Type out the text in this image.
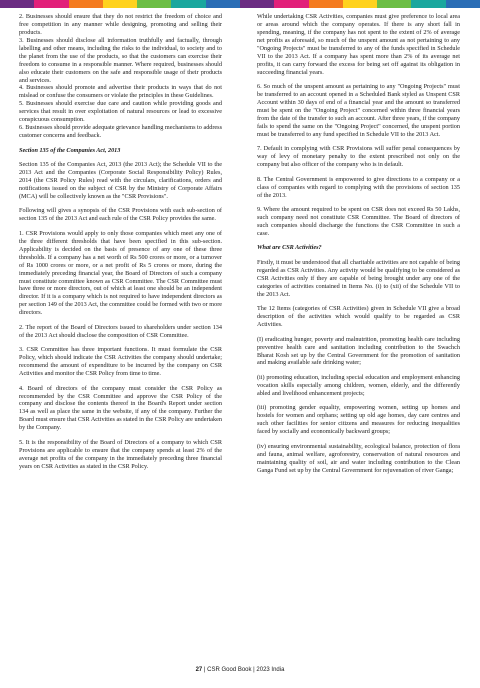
2. Businesses should ensure that they do not restrict the freedom of choice and free competition in any manner while designing, promoting and selling their products.

3. Businesses should disclose all information truthfully and factually, through labelling and other means, including the risks to the individual, to society and to the planet from the use of the products, so that the customers can exercise their freedom to consume in a responsible manner. Where required, businesses should also educate their customers on the safe and responsible usage of their products and services.

4. Businesses should promote and advertise their products in ways that do not mislead or confuse the consumers or violate the principles in these Guidelines.

5. Businesses should exercise due care and caution while providing goods and services that result in over exploitation of natural resources or lead to excessive conspicuous consumption.

6. Businesses should provide adequate grievance handling mechanisms to address customer concerns and feedback.

Section 135 of the Companies Act, 2013

Section 135 of the Companies Act, 2013 (the 2013 Act); the Schedule VII to the 2013 Act and the Companies (Corporate Social Responsibility Policy) Rules, 2014 (the CSR Policy Rules) read with the circulars, clarifications, orders and notifications issued on the subject of CSR by the Ministry of Corporate Affairs (MCA) will be collectively known as the "CSR Provisions".

Following will gives a synopsis of the CSR Provisions with each sub-section of section 135 of the 2013 Act and each rule of the CSR Policy provides the same.

1. CSR Provisions would apply to only those companies which meet any one of the three different thresholds that have been specified in this sub-section. Applicability is decided on the basis of presence of any one of these three thresholds. If a company has a net worth of Rs 500 crores or more, or a turnover of Rs 1000 crores or more, or a net profit of Rs 5 crores or more, during the immediately preceding financial year, the Board of Directors of such a company must constitute committee known as CSR Committee. The CSR Committee must have three or more directors, out of which at least one should be an independent director. If it is a company which is not required to have independent directors as per section 149 of the 2013 Act, the committee could be formed with two or more directors.

2. The report of the Board of Directors issued to shareholders under section 134 of the 2013 Act should disclose the composition of CSR Committee.

3. CSR Committee has three important functions. It must formulate the CSR Policy, which should indicate the CSR Activities the company should undertake; recommend the amount of expenditure to be incurred by the company on CSR Activities and monitor the CSR Policy from time to time.

4. Board of directors of the company must consider the CSR Policy as recommended by the CSR Committee and approve the CSR Policy of the company and disclose the contents thereof in the Board's Report under section 134 as well as place the same in the website, if any of the company. Further the Board must ensure that CSR Activities as stated in the CSR Policy are undertaken by the Company.

5. It is the responsibility of the Board of Directors of a company to which CSR Provisions are applicable to ensure that the company spends at least 2% of the average net profits of the company in the immediately preceding three financial years on CSR Activities as stated in the CSR Policy.

While undertaking CSR Activities, companies must give preference to local area or areas around which the company operates. If there is any short fall in spending, meaning, if the company has not spent to the extent of 2% of average net profits as aforesaid, so much of the unspent amount as not pertaining to any "Ongoing Projects" must be transferred to any of the funds specified in Schedule VII to the 2013 Act. If a company has spent more than 2% of its average net profits, it can carry forward the excess for being set off against its obligation in succeeding financial years.

6. So much of the unspent amount as pertaining to any "Ongoing Projects" must be transferred to an account opened in a Scheduled Bank styled as Unspent CSR Account within 30 days of end of a financial year and the amount so transferred must be spent on the "Ongoing Project" concerned within three financial years from the date of the transfer to such an account. After three years, if the company fails to spend the same on the "Ongoing Project" concerned, the unspent portion must be transferred to any fund specified in Schedule VII to the 2013 Act.

7. Default in complying with CSR Provisions will suffer penal consequences by way of levy of monetary penalty to the extent prescribed not only on the company but also officer of the company who is in default.

8. The Central Government is empowered to give directions to a company or a class of companies with regard to complying with the provisions of section 135 of the 2013.

9. Where the amount required to be spent on CSR does not exceed Rs 50 Lakhs, such company need not constitute CSR Committee. The Board of directors of such companies should discharge the functions the CSR Committee in such a case.

What are CSR Activities?

Firstly, it must be understood that all charitable activities are not capable of being regarded as CSR Activities. Any activity would be qualifying to be considered as CSR Activities only if they are capable of being brought under any one of the categories of activities contained in Items No. (i) to (xii) of the Schedule VII to the 2013 Act.

The 12 Items (categories of CSR Activities) given in Schedule VII give a broad description of the activities which would qualify to be regarded as CSR Activities.

(I) eradicating hunger, poverty and malnutrition, promoting health care including preventive health care and sanitation including contribution to the Swachch Bharat Kosh set up by the Central Government for the promotion of sanitation and making available safe drinking water;

(ii) promoting education, including special education and employment enhancing vocation skills especially among children, women, elderly, and the differently abled and livelihood enhancement projects;

(iii) promoting gender equality, empowering women, setting up homes and hostels for women and orphans; setting up old age homes, day care centres and such other facilities for senior citizens and measures for reducing inequalities faced by socially and economically backward groups;

(iv) ensuring environmental sustainability, ecological balance, protection of flora and fauna, animal welfare, agroforestry, conservation of natural resources and maintaining quality of soil, air and water including contribution to the Clean Ganga Fund set up by the Central Government for rejuvenation of river Ganga;

27 | CSR Good Book | 2023 India
